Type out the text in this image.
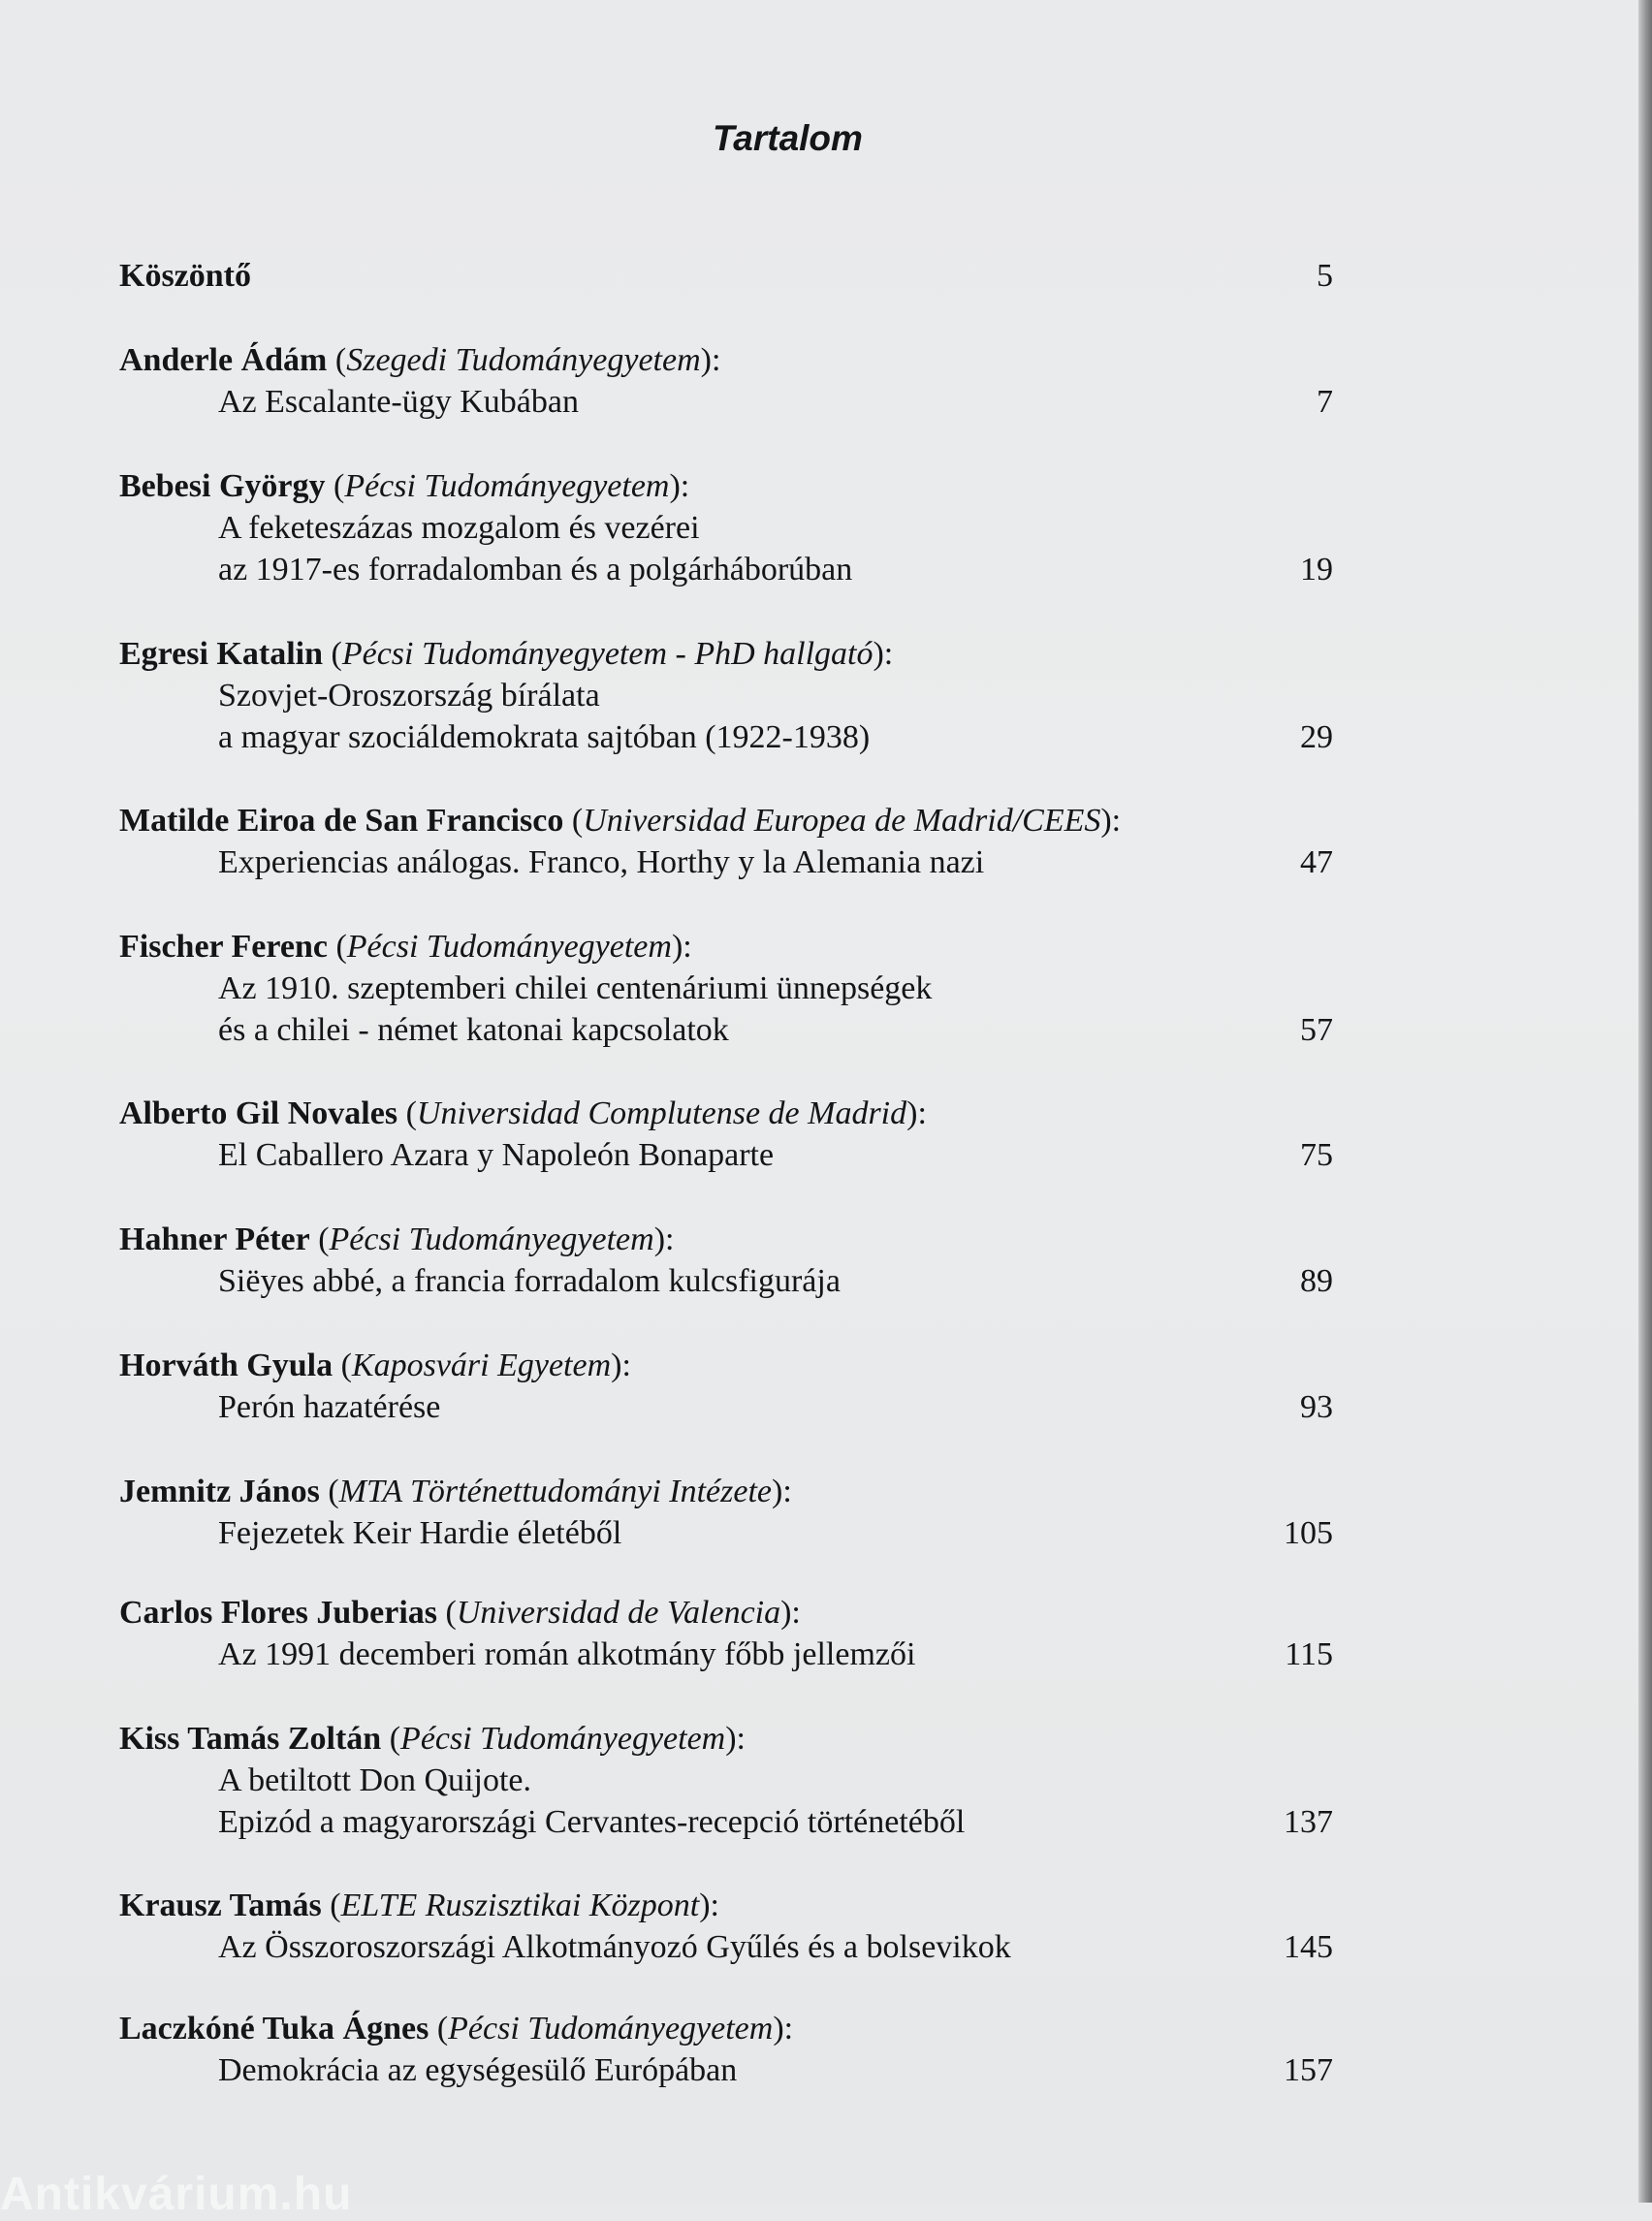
Tartalom
Köszöntő	5
Anderle Ádám (Szegedi Tudományegyetem):
Az Escalante-ügy Kubában	7
Bebesi György (Pécsi Tudományegyetem):
A feketeszázas mozgalom és vezérei
az 1917-es forradalomban és a polgárháborúban	19
Egresi Katalin (Pécsi Tudományegyetem - PhD hallgató):
Szovjet-Oroszország bírálata
a magyar szociáldemokrata sajtóban (1922-1938)	29
Matilde Eiroa de San Francisco (Universidad Europea de Madrid/CEES):
Experiencias análogas. Franco, Horthy y la Alemania nazi	47
Fischer Ferenc (Pécsi Tudományegyetem):
Az 1910. szeptemberi chilei centenáriumi ünnepségek
és a chilei - német katonai kapcsolatok	57
Alberto Gil Novales (Universidad Complutense de Madrid):
El Caballero Azara y Napoleón Bonaparte	75
Hahner Péter (Pécsi Tudományegyetem):
Siëyes abbé, a francia forradalom kulcsfigurája	89
Horváth Gyula (Kaposvári Egyetem):
Perón hazatérése	93
Jemnitz János (MTA Történettudományi Intézete):
Fejezetek Keir Hardie életéből	105
Carlos Flores Juberias (Universidad de Valencia):
Az 1991 decemberi román alkotmány főbb jellemzői	115
Kiss Tamás Zoltán (Pécsi Tudományegyetem):
A betiltott Don Quijote.
Epizód a magyarországi Cervantes-recepció történetéből	137
Krausz Tamás (ELTE Ruszisztikai Központ):
Az Összoroszországi Alkotmányozó Gyűlés és a bolsevikok	145
Laczkóné Tuka Ágnes (Pécsi Tudományegyetem):
Demokrácia az egységesülő Európában	157
Antikvárium.hu
